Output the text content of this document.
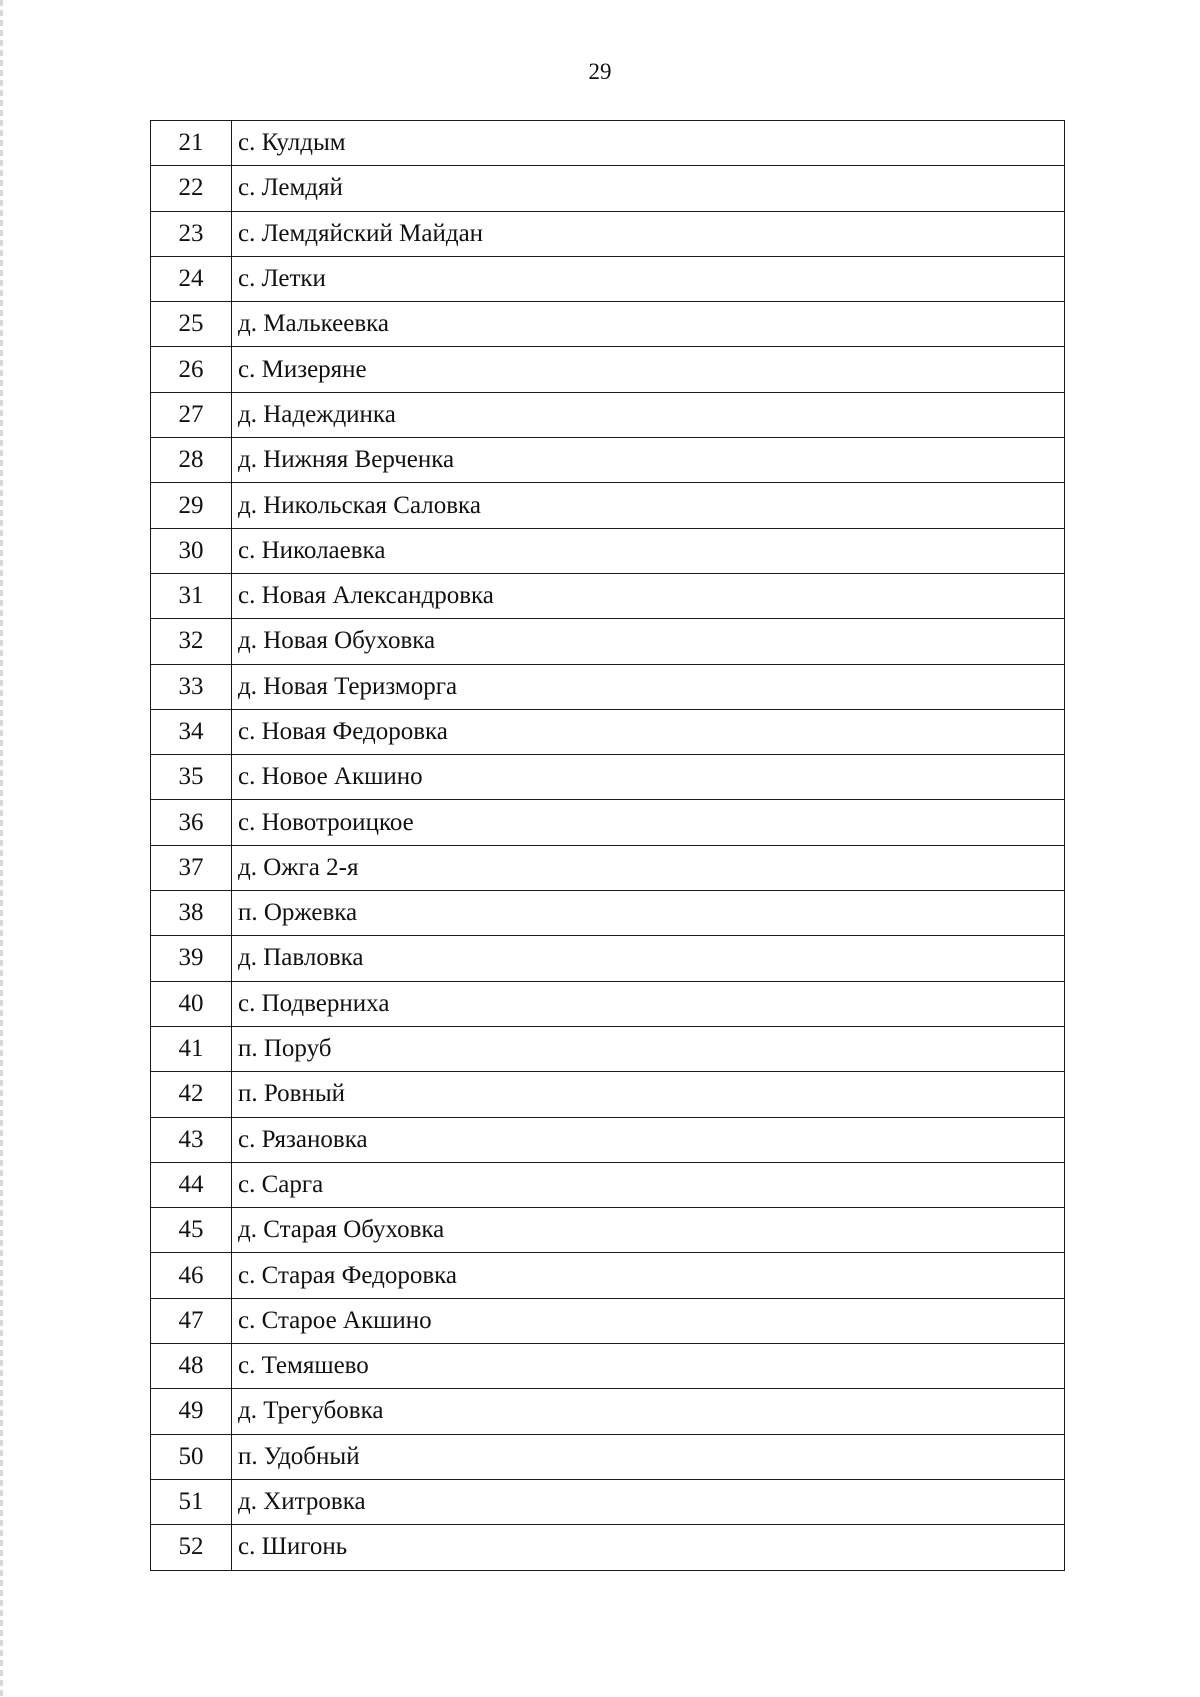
29
21	с. Кулдым
22	с. Лемдяй
23	с. Лемдяйский Майдан
24	с. Летки
25	д. Малькеевка
26	с. Мизеряне
27	д. Надеждинка
28	д. Нижняя Верченка
29	д. Никольская Саловка
30	с. Николаевка
31	с. Новая Александровка
32	д. Новая Обуховка
33	д. Новая Теризморга
34	с. Новая Федоровка
35	с. Новое Акшино
36	с. Новотроицкое
37	д. Ожга 2-я
38	п. Оржевка
39	д. Павловка
40	с. Подверниха
41	п. Поруб
42	п. Ровный
43	с. Рязановка
44	с. Сарга
45	д. Старая Обуховка
46	с. Старая Федоровка
47	с. Старое Акшино
48	с. Темяшево
49	д. Трегубовка
50	п. Удобный
51	д. Хитровка
52	с. Шигонь
